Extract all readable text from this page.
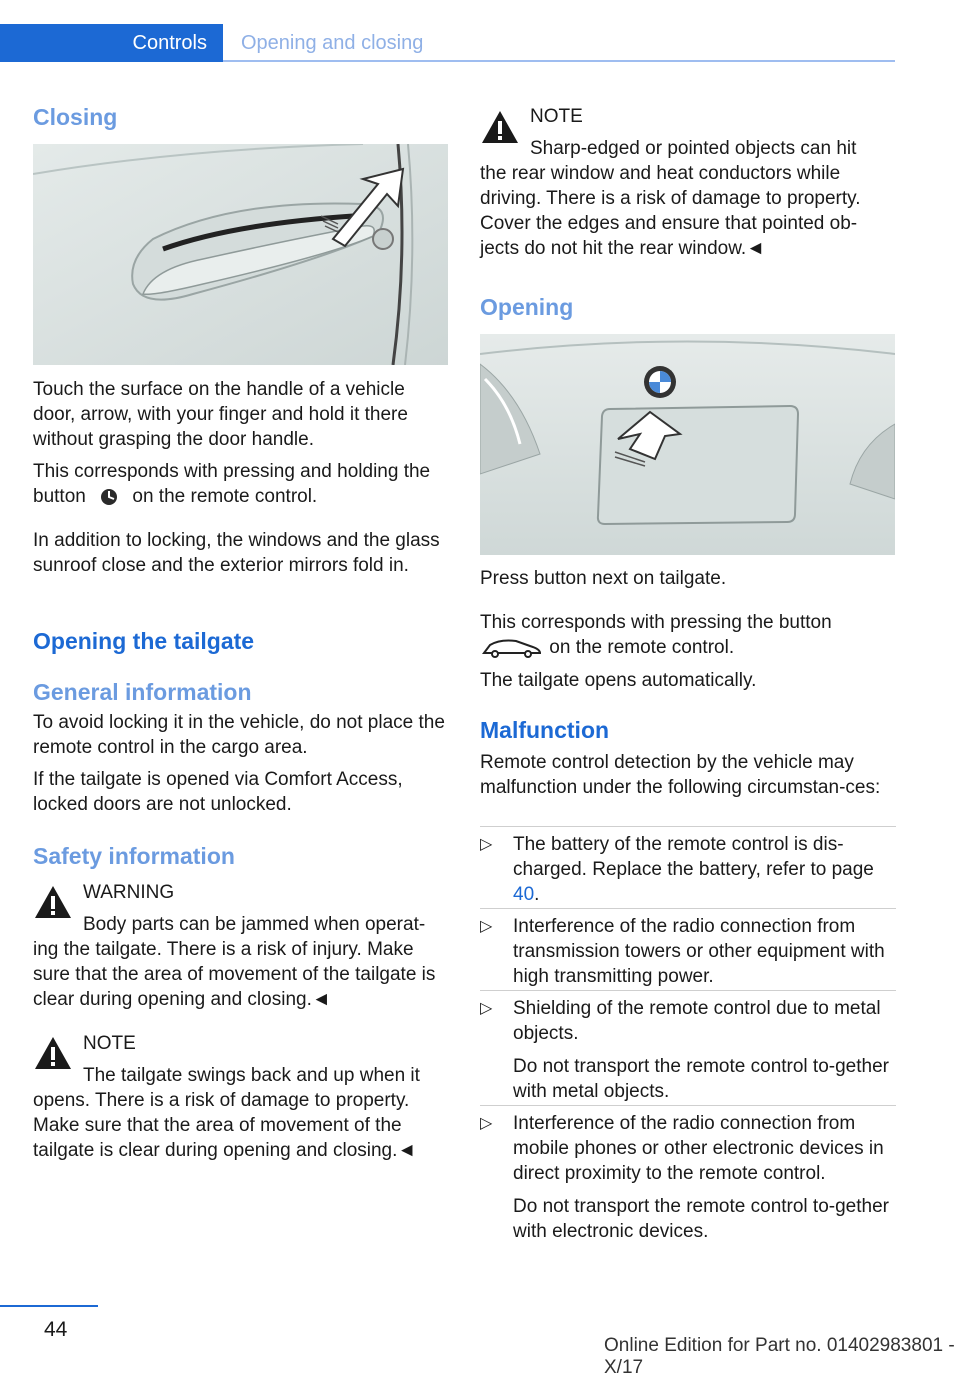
Controls	Opening and closing
Closing
Touch the surface on the handle of a vehicle door, arrow, with your finger and hold it there without grasping the door handle.
This corresponds with pressing and holding the button on the remote control.
In addition to locking, the windows and the glass sunroof close and the exterior mirrors fold in.
Opening the tailgate
General information
To avoid locking it in the vehicle, do not place the remote control in the cargo area.
If the tailgate is opened via Comfort Access, locked doors are not unlocked.
Safety information
WARNING
Body parts can be jammed when operat-
ing the tailgate. There is a risk of injury. Make sure that the area of movement of the tailgate is clear during opening and closing.◄
NOTE
The tailgate swings back and up when it
opens. There is a risk of damage to property. Make sure that the area of movement of the tailgate is clear during opening and closing.◄
NOTE
Sharp-edged or pointed objects can hit
the rear window and heat conductors while driving. There is a risk of damage to property. Cover the edges and ensure that pointed ob-jects do not hit the rear window.◄
Opening
Press button next on tailgate.
This corresponds with pressing the button
on the remote control.
The tailgate opens automatically.
Malfunction
Remote control detection by the vehicle may malfunction under the following circumstan-ces:
▷ The battery of the remote control is dis-charged. Replace the battery, refer to page 40.
▷ Interference of the radio connection from transmission towers or other equipment with high transmitting power.
▷ Shielding of the remote control due to metal objects.
Do not transport the remote control to-gether with metal objects.
▷ Interference of the radio connection from mobile phones or other electronic devices in direct proximity to the remote control.
Do not transport the remote control to-gether with electronic devices.
44
Online Edition for Part no. 01402983801 - X/17
